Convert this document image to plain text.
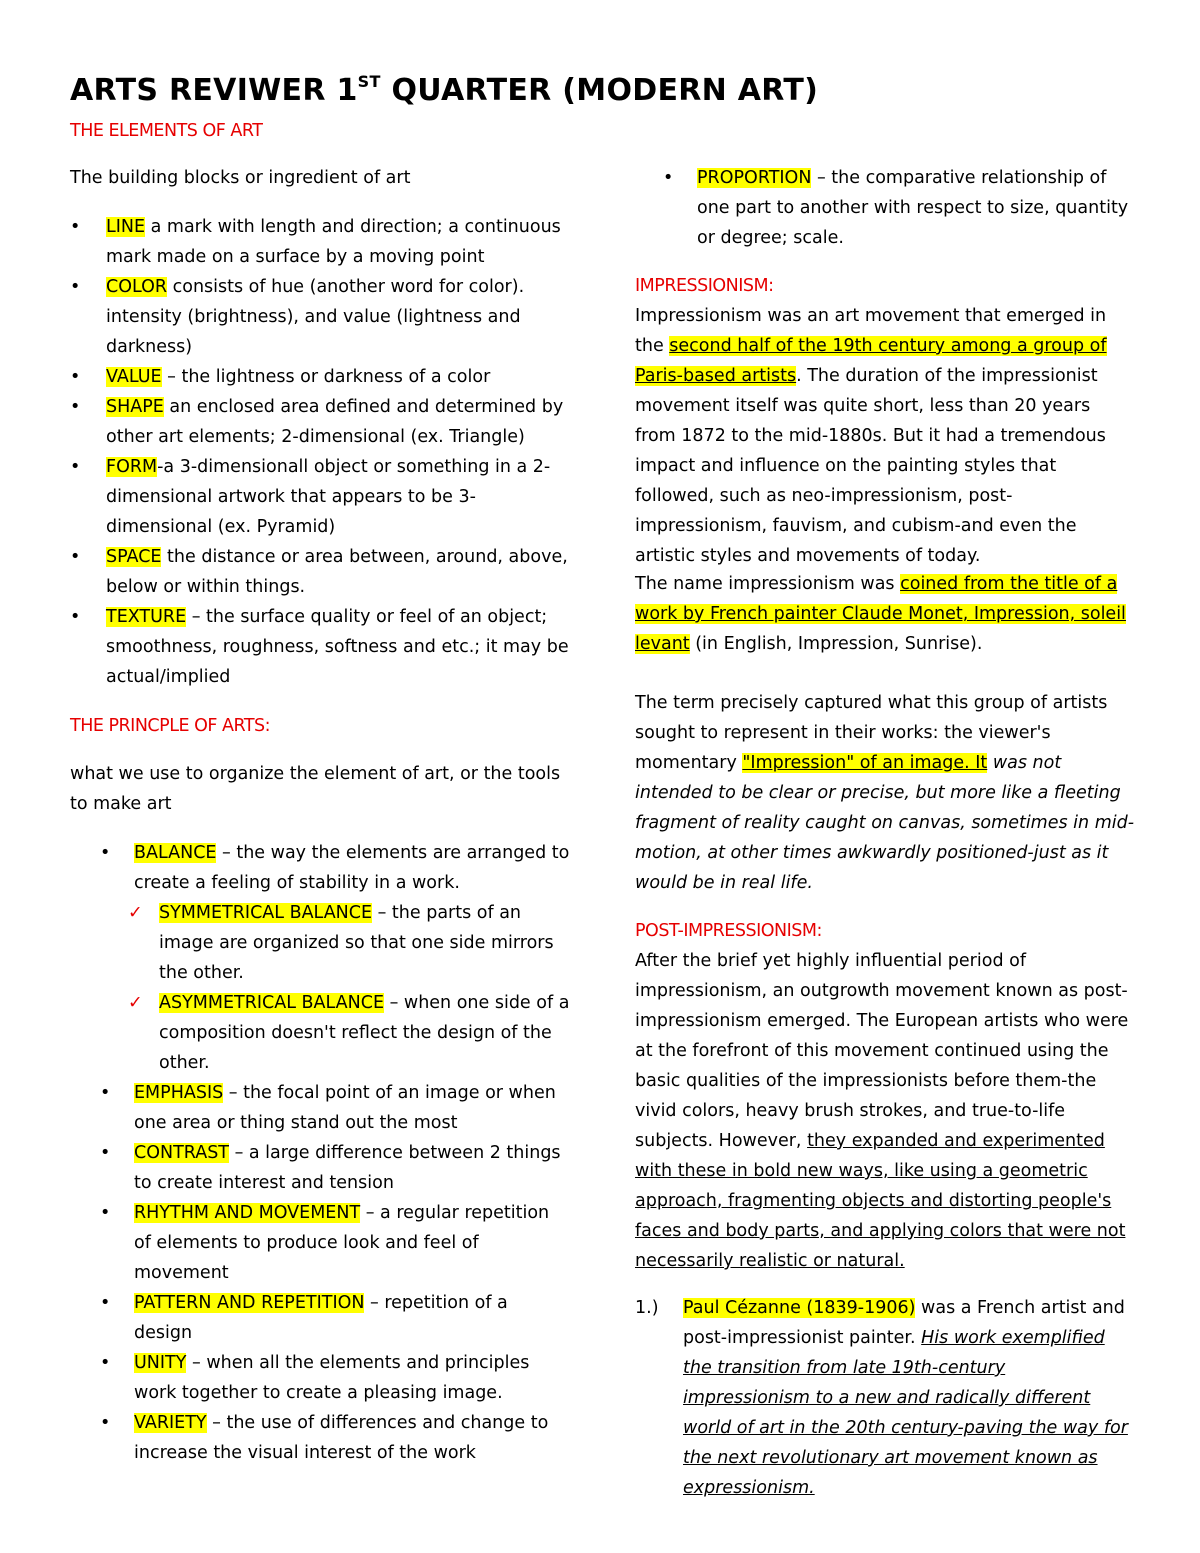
ARTS REVIWER 1ST QUARTER (MODERN ART)
THE ELEMENTS OF ART
The building blocks or ingredient of art
• LINE a mark with length and direction; a continuous mark made on a surface by a moving point
• COLOR consists of hue (another word for color). intensity (brightness), and value (lightness and darkness)
• VALUE – the lightness or darkness of a color
• SHAPE an enclosed area defined and determined by other art elements; 2-dimensional (ex. Triangle)
• FORM-a 3-dimensionall object or something in a 2-dimensional artwork that appears to be 3-dimensional (ex. Pyramid)
• SPACE the distance or area between, around, above, below or within things.
• TEXTURE – the surface quality or feel of an object; smoothness, roughness, softness and etc.; it may be actual/implied
THE PRINCPLE OF ARTS:
what we use to organize the element of art, or the tools to make art
• BALANCE – the way the elements are arranged to create a feeling of stability in a work.
✓ SYMMETRICAL BALANCE – the parts of an image are organized so that one side mirrors the other.
✓ ASYMMETRICAL BALANCE – when one side of a composition doesn't reflect the design of the other.
• EMPHASIS – the focal point of an image or when one area or thing stand out the most
• CONTRAST – a large difference between 2 things to create interest and tension
• RHYTHM AND MOVEMENT – a regular repetition of elements to produce look and feel of movement
• PATTERN AND REPETITION – repetition of a design
• UNITY – when all the elements and principles work together to create a pleasing image.
• VARIETY – the use of differences and change to increase the visual interest of the work
• PROPORTION – the comparative relationship of one part to another with respect to size, quantity or degree; scale.
IMPRESSIONISM:

Impressionism was an art movement that emerged in the second half of the 19th century among a group of Paris-based artists. The duration of the impressionist movement itself was quite short, less than 20 years from 1872 to the mid-1880s. But it had a tremendous impact and influence on the painting styles that followed, such as neo-impressionism, post-impressionism, fauvism, and cubism-and even the artistic styles and movements of today.

The name impressionism was coined from the title of a work by French painter Claude Monet, Impression, soleil levant (in English, Impression, Sunrise).

The term precisely captured what this group of artists sought to represent in their works: the viewer's momentary "Impression" of an image. It was not intended to be clear or precise, but more like a fleeting fragment of reality caught on canvas, sometimes in mid- motion, at other times awkwardly positioned-just as it would be in real life.

POST-IMPRESSIONISM:

After the brief yet highly influential period of impressionism, an outgrowth movement known as post-impressionism emerged. The European artists who were at the forefront of this movement continued using the basic qualities of the impressionists before them-the vivid colors, heavy brush strokes, and true-to-life subjects. However, they expanded and experimented with these in bold new ways, like using a geometric approach, fragmenting objects and distorting people's faces and body parts, and applying colors that were not necessarily realistic or natural.

1.) Paul Cézanne (1839-1906) was a French artist and post-impressionist painter. His work exemplified the transition from late 19th-century impressionism to a new and radically different world of art in the 20th century-paving the way for the next revolutionary art movement known as expressionism.
